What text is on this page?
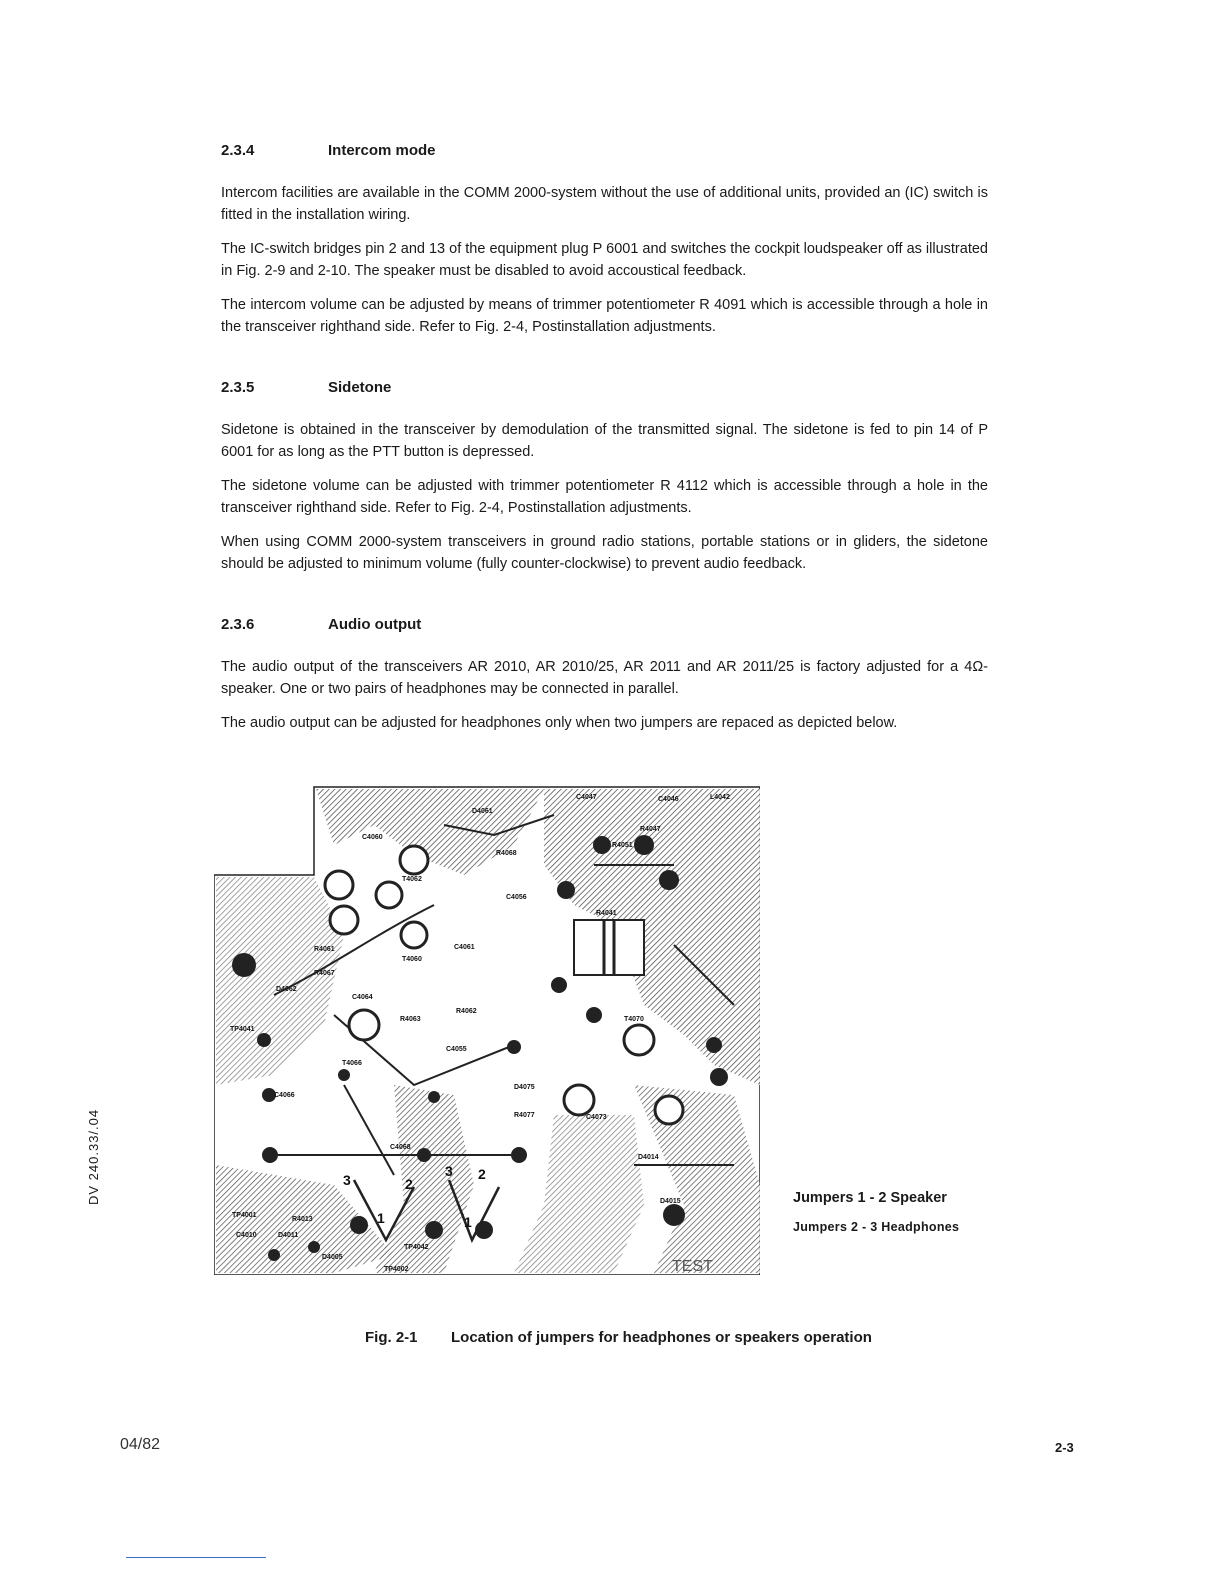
2.3.4	Intercom mode

Intercom facilities are available in the COMM 2000-system without the use of additional units, provided an (IC) switch is fitted in the installation wiring.

The IC-switch bridges pin 2 and 13 of the equipment plug P 6001 and switches the cockpit loudspeaker off as illustrated in Fig. 2-9 and 2-10. The speaker must be disabled to avoid accoustical feedback.

The intercom volume can be adjusted by means of trimmer potentiometer R 4091 which is accessible through a hole in the transceiver righthand side. Refer to Fig. 2-4, Postinstallation adjustments.

2.3.5	Sidetone

Sidetone is obtained in the transceiver by demodulation of the transmitted signal. The sidetone is fed to pin 14 of P 6001 for as long as the PTT button is depressed.

The sidetone volume can be adjusted with trimmer potentiometer R 4112 which is accessible through a hole in the transceiver righthand side. Refer to Fig. 2-4, Postinstallation adjustments.

When using COMM 2000-system transceivers in ground radio stations, portable stations or in gliders, the sidetone should be adjusted to minimum volume (fully counter-clockwise) to prevent audio feedback.

2.3.6	Audio output

The audio output of the transceivers AR 2010, AR 2010/25, AR 2011 and AR 2011/25 is factory adjusted for a 4Ω-speaker. One or two pairs of headphones may be connected in parallel.

The audio output can be adjusted for headphones only when two jumpers are repaced as depicted below.

C4047	C4046	L4042
R4047
R4051
R4068
D4061
C4060
T4062
C4056
R4041
T4060
R4061	C4061
R4067
C4064
D4062
TP4041
R4063
R4062
C4055
T4066
T4070
C4068
D4075
R4077	C4073
D4014
D4015
TP4001
R4013
C4010	D4011
D4005
TP4042
TP4002
C4066
TEST
3	2
1
3 2
1
Jumpers 1 - 2 Speaker
Jumpers 2 - 3 Headphones
Fig. 2-1 Location of jumpers for headphones or speakers operation
DV 240.33/.04
04/82	2-3
